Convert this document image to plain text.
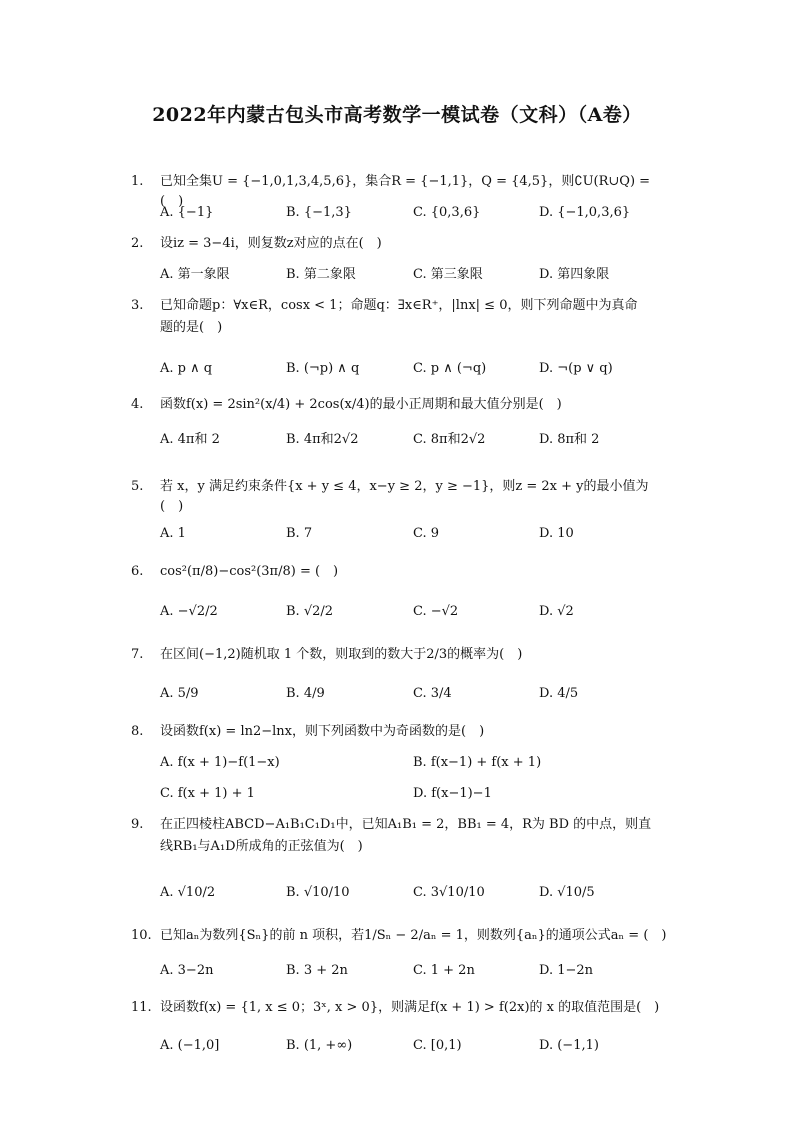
2022年内蒙古包头市高考数学一模试卷（文科）（A卷）
1. 已知全集U = {−1,0,1,3,4,5,6}，集合R = {−1,1}，Q = {4,5}，则∁U(R∪Q) = (　)
A. {−1}	B. {−1,3}	C. {0,3,6}	D. {−1,0,3,6}
2. 设iz = 3−4i，则复数z对应的点在(　)
A. 第一象限	B. 第二象限	C. 第三象限	D. 第四象限
3. 已知命题p：∀x∈R，cosx < 1；命题q：∃x∈R⁺，|lnx| ≤ 0，则下列命题中为真命
题的是(　)
A. p ∧ q	B. (¬p) ∧ q	C. p ∧ (¬q)	D. ¬(p ∨ q)
4. 函数f(x) = 2sin²(x/4) + 2cos(x/4)的最小正周期和最大值分别是(　)
A. 4π和 2	B. 4π和2√2	C. 8π和2√2	D. 8π和 2
5. 若 x，y 满足约束条件{x + y ≤ 4，x−y ≥ 2，y ≥ −1}，则z = 2x + y的最小值为(　)
A. 1	B. 7	C. 9	D. 10
6. cos²(π/8)−cos²(3π/8) = (　)
A. −√2/2	B. √2/2	C. −√2	D. √2
7. 在区间(−1,2)随机取 1 个数，则取到的数大于2/3的概率为(　)
A. 5/9	B. 4/9	C. 3/4	D. 4/5
8. 设函数f(x) = ln2−lnx，则下列函数中为奇函数的是(　)
A. f(x + 1)−f(1−x)	B. f(x−1) + f(x + 1)
C. f(x + 1) + 1	D. f(x−1)−1
9. 在正四棱柱ABCD−A₁B₁C₁D₁中，已知A₁B₁ = 2，BB₁ = 4，R为 BD 的中点，则直
线RB₁与A₁D所成角的正弦值为(　)
A. √10/2	B. √10/10	C. 3√10/10	D. √10/5
10. 已知aₙ为数列{Sₙ}的前 n 项积，若1/Sₙ − 2/aₙ = 1，则数列{aₙ}的通项公式aₙ = (　)
A. 3−2n	B. 3 + 2n	C. 1 + 2n	D. 1−2n
11. 设函数f(x) = {1, x ≤ 0；3ˣ, x > 0}，则满足f(x + 1) > f(2x)的 x 的取值范围是(　)
A. (−1,0]	B. (1, +∞)	C. [0,1)	D. (−1,1)
